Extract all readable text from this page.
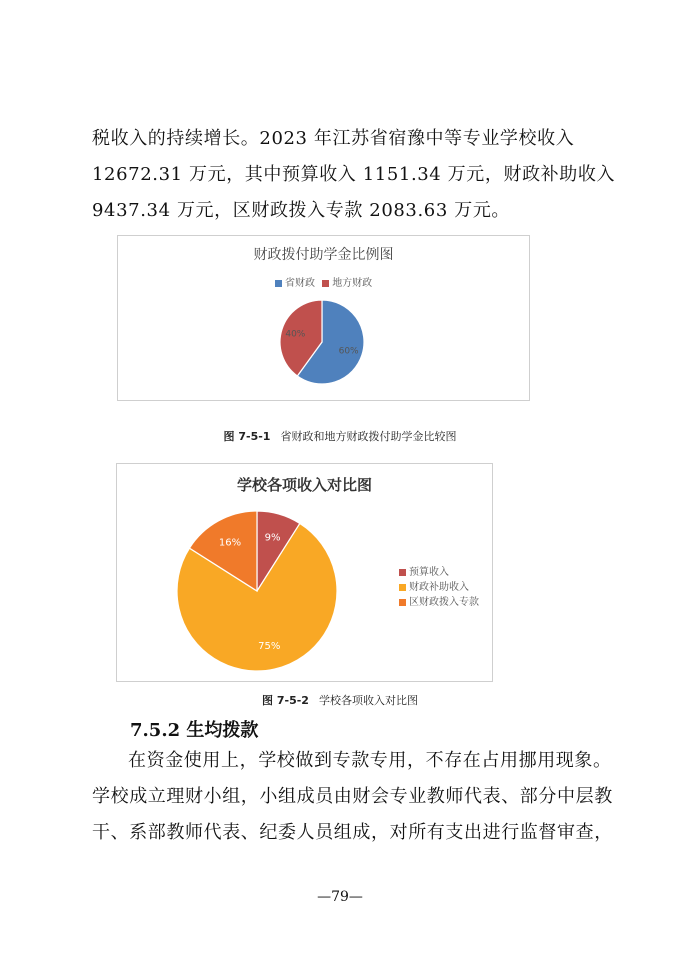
税收入的持续增长。2023 年江苏省宿豫中等专业学校收入
12672.31 万元，其中预算收入 1151.34 万元，财政补助收入
9437.34 万元，区财政拨入专款 2083.63 万元。
财政拨付助学金比例图
省财政 地方财政
60%
40%
图 7-5-1 省财政和地方财政拨付助学金比较图
学校各项收入对比图
预算收入
财政补助收入
区财政拨入专款
9%
75%
16%
图 7-5-2 学校各项收入对比图
7.5.2 生均拨款
在资金使用上，学校做到专款专用，不存在占用挪用现象。
学校成立理财小组，小组成员由财会专业教师代表、部分中层教
干、系部教师代表、纪委人员组成，对所有支出进行监督审查，
—79—
